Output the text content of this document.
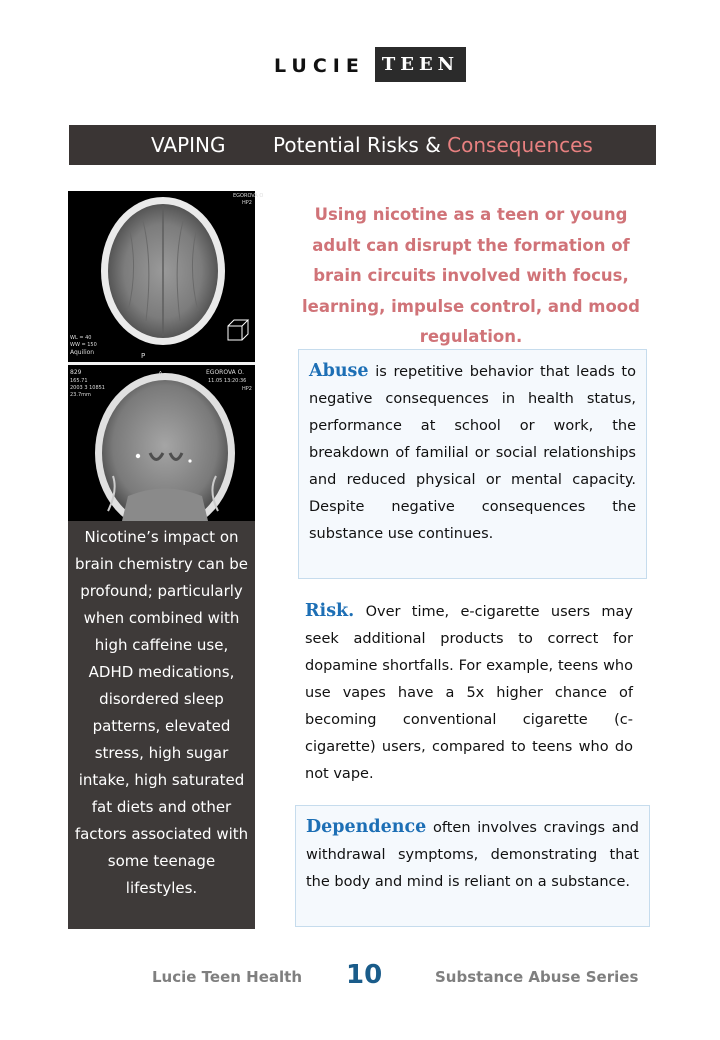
LUCIE TEEN
VAPING Potential Risks & Consequences
WL = 40
WW = 150
Aquilion	P
EGOROVA O
HP2
829
165.71
2003 3 10851
23.7mm
A	EGOROVA O.
11.05 13:20:36
HP2
Nicotine’s impact on brain chemistry can be profound; particularly when combined with high caffeine use, ADHD medications, disordered sleep patterns, elevated stress, high sugar intake, high saturated fat diets and other factors associated with some teenage lifestyles.
Using nicotine as a teen or young adult can disrupt the formation of brain circuits involved with focus, learning, impulse control, and mood regulation.
Abuse is repetitive behavior that leads to negative consequences in health status, performance at school or work, the breakdown of familial or social relationships and reduced physical or mental capacity. Despite negative consequences the substance use continues.
Risk. Over time, e-cigarette users may seek additional products to correct for dopamine shortfalls. For example, teens who use vapes have a 5x higher chance of becoming conventional cigarette (c-cigarette) users, compared to teens who do not vape.
Dependence often involves cravings and withdrawal symptoms, demonstrating that the body and mind is reliant on a substance.
Lucie Teen Health 10	Substance Abuse Series
